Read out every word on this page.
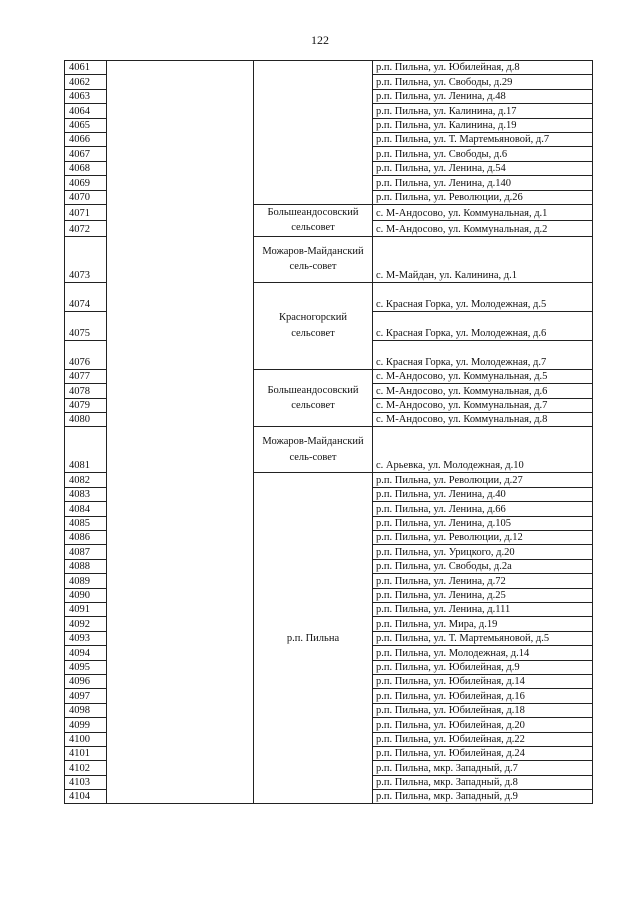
122
4061			р.п. Пильна, ул. Юбилейная, д.8
4062			р.п. Пильна, ул. Свободы, д.29
4063			р.п. Пильна, ул. Ленина, д.48
4064			р.п. Пильна, ул. Калинина, д.17
4065			р.п. Пильна, ул. Калинина, д.19
4066			р.п. Пильна, ул. Т. Мартемьяновой, д.7
4067			р.п. Пильна, ул. Свободы, д.6
4068			р.п. Пильна, ул. Ленина, д.54
4069			р.п. Пильна, ул. Ленина, д.140
4070			р.п. Пильна, ул. Революции, д.26
4071		Большеандосовский сельсовет	с. М-Андосово, ул. Коммунальная, д.1
4072			с. М-Андосово, ул. Коммунальная, д.2
4073		Можаров-Майданский сель-совет	с. М-Майдан, ул. Калинина, д.1
4074		Красногорский сельсовет	с. Красная Горка, ул. Молодежная, д.5
4075			с. Красная Горка, ул. Молодежная, д.6
4076			с. Красная Горка, ул. Молодежная, д.7
4077		Большеандосовский сельсовет	с. М-Андосово, ул. Коммунальная, д.5
4078			с. М-Андосово, ул. Коммунальная, д.6
4079			с. М-Андосово, ул. Коммунальная, д.7
4080			с. М-Андосово, ул. Коммунальная, д.8
4081		Можаров-Майданский сель-совет	с. Арьевка, ул. Молодежная, д.10
4082		р.п. Пильна	р.п. Пильна, ул. Революции, д.27
4083			р.п. Пильна, ул. Ленина, д.40
4084			р.п. Пильна, ул. Ленина, д.66
4085			р.п. Пильна, ул. Ленина, д.105
4086			р.п. Пильна, ул. Революции, д.12
4087			р.п. Пильна, ул. Урицкого, д.20
4088			р.п. Пильна, ул. Свободы, д.2а
4089			р.п. Пильна, ул. Ленина, д.72
4090			р.п. Пильна, ул. Ленина, д.25
4091			р.п. Пильна, ул. Ленина, д.111
4092			р.п. Пильна, ул. Мира, д.19
4093			р.п. Пильна, ул. Т. Мартемьяновой, д.5
4094			р.п. Пильна, ул. Молодежная, д.14
4095			р.п. Пильна, ул. Юбилейная, д.9
4096			р.п. Пильна, ул. Юбилейная, д.14
4097			р.п. Пильна, ул. Юбилейная, д.16
4098			р.п. Пильна, ул. Юбилейная, д.18
4099			р.п. Пильна, ул. Юбилейная, д.20
4100			р.п. Пильна, ул. Юбилейная, д.22
4101			р.п. Пильна, ул. Юбилейная, д.24
4102			р.п. Пильна, мкр. Западный, д.7
4103			р.п. Пильна, мкр. Западный, д.8
4104			р.п. Пильна, мкр. Западный, д.9
